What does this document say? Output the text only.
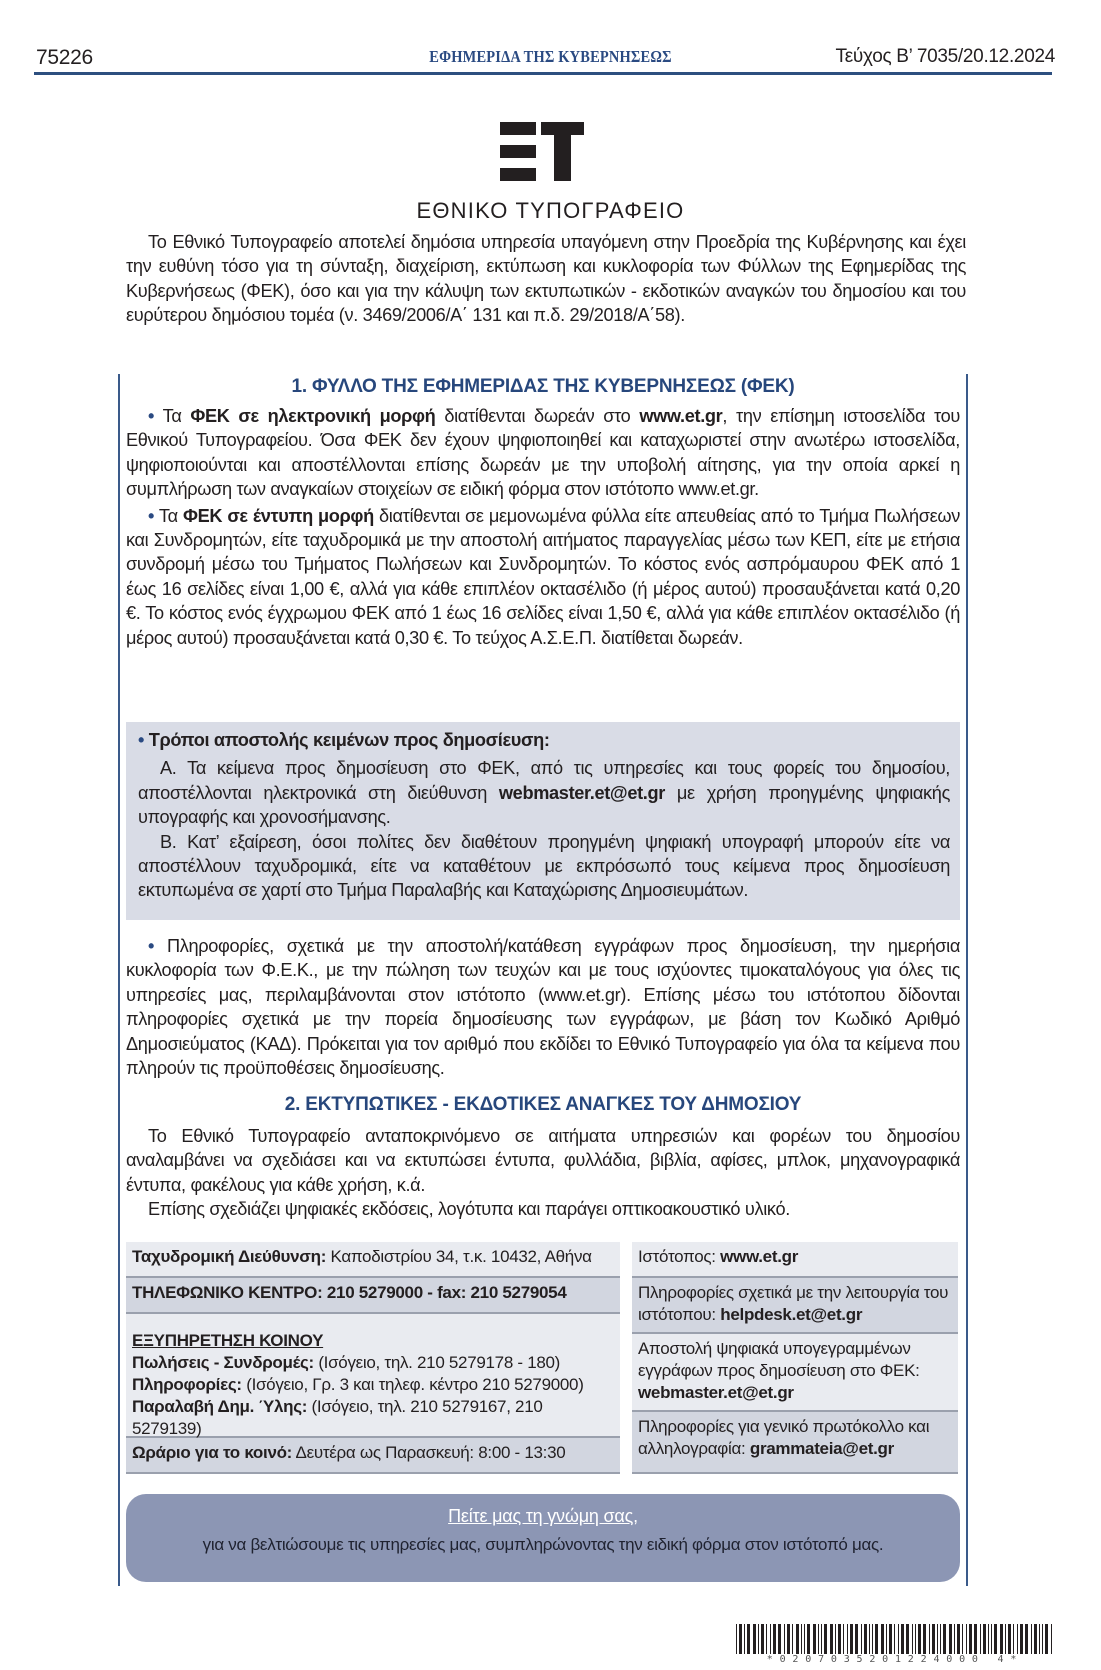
75226	ΕΦΗΜΕΡΙΔΑ ΤΗΣ ΚΥΒΕΡΝΗΣΕΩΣ	Τεύχος Β’ 7035/20.12.2024
ΕΘΝΙΚΟ ΤΥΠΟΓΡΑΦΕΙΟ

Το Εθνικό Τυπογραφείο αποτελεί δημόσια υπηρεσία υπαγόμενη στην Προεδρία της Κυβέρνησης και έχει την ευθύνη τόσο για τη σύνταξη, διαχείριση, εκτύπωση και κυκλοφορία των Φύλλων της Εφημερίδας της Κυβερνήσεως (ΦΕΚ), όσο και για την κάλυψη των εκτυπωτικών - εκδοτικών αναγκών του δημοσίου και του ευρύτερου δημόσιου τομέα (ν. 3469/2006/Α΄ 131 και π.δ. 29/2018/Α΄58).

1. ΦΥΛΛΟ ΤΗΣ ΕΦΗΜΕΡΙΔΑΣ ΤΗΣ ΚΥΒΕΡΝΗΣΕΩΣ (ΦΕΚ)

• Τα ΦΕΚ σε ηλεκτρονική μορφή διατίθενται δωρεάν στο www.et.gr, την επίσημη ιστοσελίδα του Εθνικού Τυπογραφείου. Όσα ΦΕΚ δεν έχουν ψηφιοποιηθεί και καταχωριστεί στην ανωτέρω ιστοσελίδα, ψηφιοποιούνται και αποστέλλονται επίσης δωρεάν με την υποβολή αίτησης, για την οποία αρκεί η συμπλήρωση των αναγκαίων στοιχείων σε ειδική φόρμα στον ιστότοπο www.et.gr.

• Τα ΦΕΚ σε έντυπη μορφή διατίθενται σε μεμονωμένα φύλλα είτε απευθείας από το Τμήμα Πωλήσεων και Συνδρομητών, είτε ταχυδρομικά με την αποστολή αιτήματος παραγγελίας μέσω των ΚΕΠ, είτε με ετήσια συνδρομή μέσω του Τμήματος Πωλήσεων και Συνδρομητών. Το κόστος ενός ασπρόμαυρου ΦΕΚ από 1 έως 16 σελίδες είναι 1,00 €, αλλά για κάθε επιπλέον οκτασέλιδο (ή μέρος αυτού) προσαυξάνεται κατά 0,20 €. Το κόστος ενός έγχρωμου ΦΕΚ από 1 έως 16 σελίδες είναι 1,50 €, αλλά για κάθε επιπλέον οκτασέλιδο (ή μέρος αυτού) προσαυξάνεται κατά 0,30 €. Το τεύχος Α.Σ.Ε.Π. διατίθεται δωρεάν.

• Τρόποι αποστολής κειμένων προς δημοσίευση:

Α. Τα κείμενα προς δημοσίευση στο ΦΕΚ, από τις υπηρεσίες και τους φορείς του δημοσίου, αποστέλλονται ηλεκτρονικά στη διεύθυνση webmaster.et@et.gr με χρήση προηγμένης ψηφιακής υπογραφής και χρονοσήμανσης.

Β. Κατ’ εξαίρεση, όσοι πολίτες δεν διαθέτουν προηγμένη ψηφιακή υπογραφή μπορούν είτε να αποστέλλουν ταχυδρομικά, είτε να καταθέτουν με εκπρόσωπό τους κείμενα προς δημοσίευση εκτυπωμένα σε χαρτί στο Τμήμα Παραλαβής και Καταχώρισης Δημοσιευμάτων.

• Πληροφορίες, σχετικά με την αποστολή/κατάθεση εγγράφων προς δημοσίευση, την ημερήσια κυκλοφορία των Φ.Ε.Κ., με την πώληση των τευχών και με τους ισχύοντες τιμοκαταλόγους για όλες τις υπηρεσίες μας, περιλαμβάνονται στον ιστότοπο (www.et.gr). Επίσης μέσω του ιστότοπου δίδονται πληροφορίες σχετικά με την πορεία δημοσίευσης των εγγράφων, με βάση τον Κωδικό Αριθμό Δημοσιεύματος (ΚΑΔ). Πρόκειται για τον αριθμό που εκδίδει το Εθνικό Τυπογραφείο για όλα τα κείμενα που πληρούν τις προϋποθέσεις δημοσίευσης.

2. ΕΚΤΥΠΩΤΙΚΕΣ - ΕΚΔΟΤΙΚΕΣ ΑΝΑΓΚΕΣ ΤΟΥ ΔΗΜΟΣΙΟΥ

Το Εθνικό Τυπογραφείο ανταποκρινόμενο σε αιτήματα υπηρεσιών και φορέων του δημοσίου αναλαμβάνει να σχεδιάσει και να εκτυπώσει έντυπα, φυλλάδια, βιβλία, αφίσες, μπλοκ, μηχανογραφικά έντυπα, φακέλους για κάθε χρήση, κ.ά.

Επίσης σχεδιάζει ψηφιακές εκδόσεις, λογότυπα και παράγει οπτικοακουστικό υλικό.

Ταχυδρομική Διεύθυνση: Καποδιστρίου 34, τ.κ. 10432, Αθήνα
ΤΗΛΕΦΩΝΙΚΟ ΚΕΝΤΡΟ: 210 5279000 - fax: 210 5279054
ΕΞΥΠΗΡΕΤΗΣΗ ΚΟΙΝΟΥ
Πωλήσεις - Συνδρομές: (Ισόγειο, τηλ. 210 5279178 - 180)
Πληροφορίες: (Ισόγειο, Γρ. 3 και τηλεφ. κέντρο 210 5279000)
Παραλαβή Δημ. Ύλης: (Ισόγειο, τηλ. 210 5279167, 210 5279139)
Ωράριο για το κοινό: Δευτέρα ως Παρασκευή: 8:00 - 13:30
Ιστότοπος: www.et.gr
Πληροφορίες σχετικά με την λειτουργία του ιστότοπου: helpdesk.et@et.gr
Αποστολή ψηφιακά υπογεγραμμένων εγγράφων προς δημοσίευση στο ΦΕΚ: webmaster.et@et.gr
Πληροφορίες για γενικό πρωτόκολλο και αλληλογραφία: grammateia@et.gr
Πείτε μας τη γνώμη σας,
για να βελτιώσουμε τις υπηρεσίες μας, συμπληρώνοντας την ειδική φόρμα στον ιστότοπό μας.
*0207035201224000 4*
